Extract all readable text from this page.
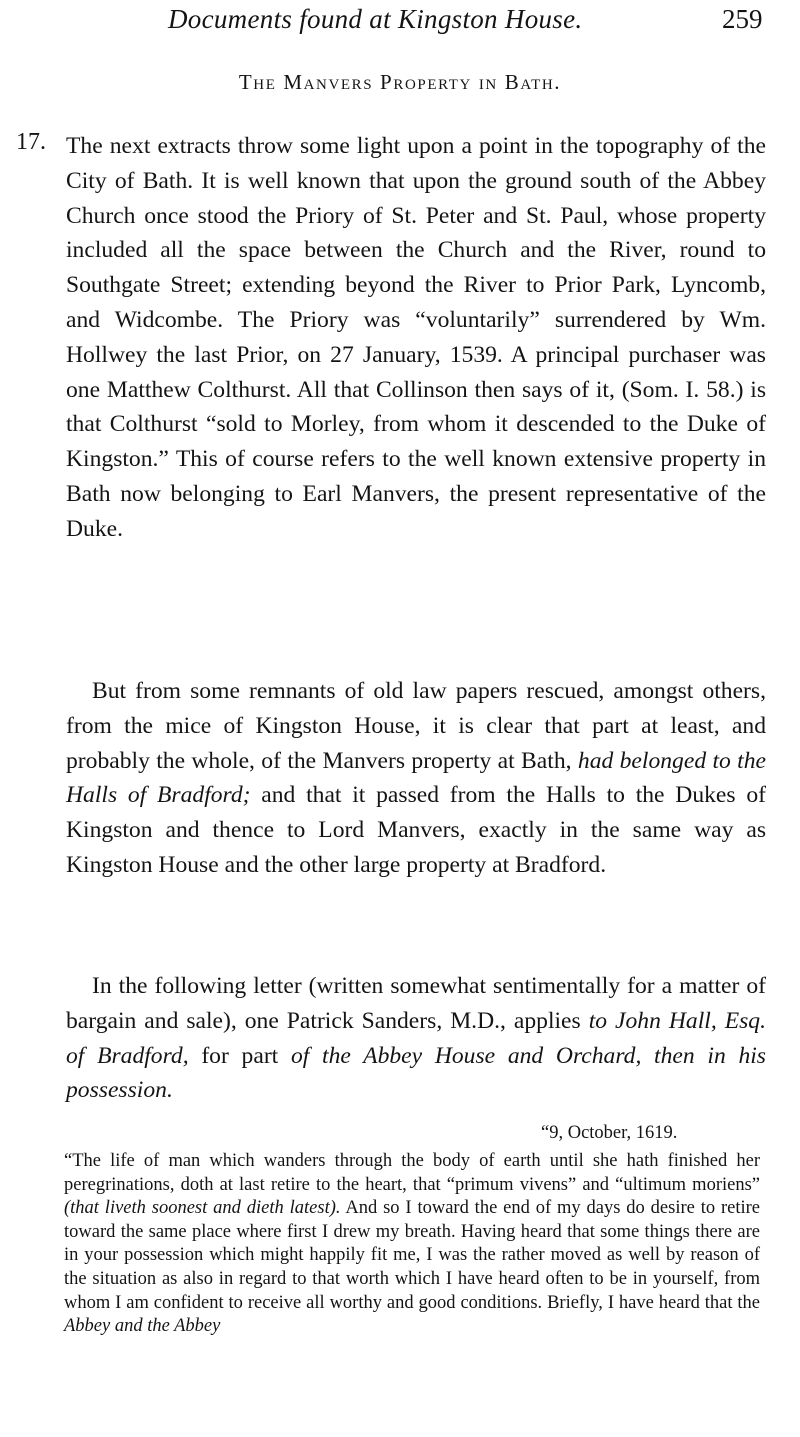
Documents found at Kingston House.	259
The Manvers Property in Bath.
17. The next extracts throw some light upon a point in the topography of the City of Bath. It is well known that upon the ground south of the Abbey Church once stood the Priory of St. Peter and St. Paul, whose property included all the space between the Church and the River, round to Southgate Street; extending beyond the River to Prior Park, Lyncomb, and Widcombe. The Priory was “voluntarily” surrendered by Wm. Hollwey the last Prior, on 27 January, 1539. A principal purchaser was one Matthew Colthurst. All that Collinson then says of it, (Som. I. 58.) is that Colthurst “sold to Morley, from whom it descended to the Duke of Kingston.” This of course refers to the well known extensive property in Bath now belonging to Earl Manvers, the present representative of the Duke.

But from some remnants of old law papers rescued, amongst others, from the mice of Kingston House, it is clear that part at least, and probably the whole, of the Manvers property at Bath, had belonged to the Halls of Bradford; and that it passed from the Halls to the Dukes of Kingston and thence to Lord Manvers, exactly in the same way as Kingston House and the other large property at Bradford.

In the following letter (written somewhat sentimentally for a matter of bargain and sale), one Patrick Sanders, M.D., applies to John Hall, Esq. of Bradford, for part of the Abbey House and Orchard, then in his possession.

“9, October, 1619.

“The life of man which wanders through the body of earth until she hath finished her peregrinations, doth at last retire to the heart, that “primum vivens” and “ultimum moriens” (that liveth soonest and dieth latest). And so I toward the end of my days do desire to retire toward the same place where first I drew my breath. Having heard that some things there are in your possession which might happily fit me, I was the rather moved as well by reason of the situation as also in regard to that worth which I have heard often to be in yourself, from whom I am confident to receive all worthy and good conditions. Briefly, I have heard that the Abbey and the Abbey
